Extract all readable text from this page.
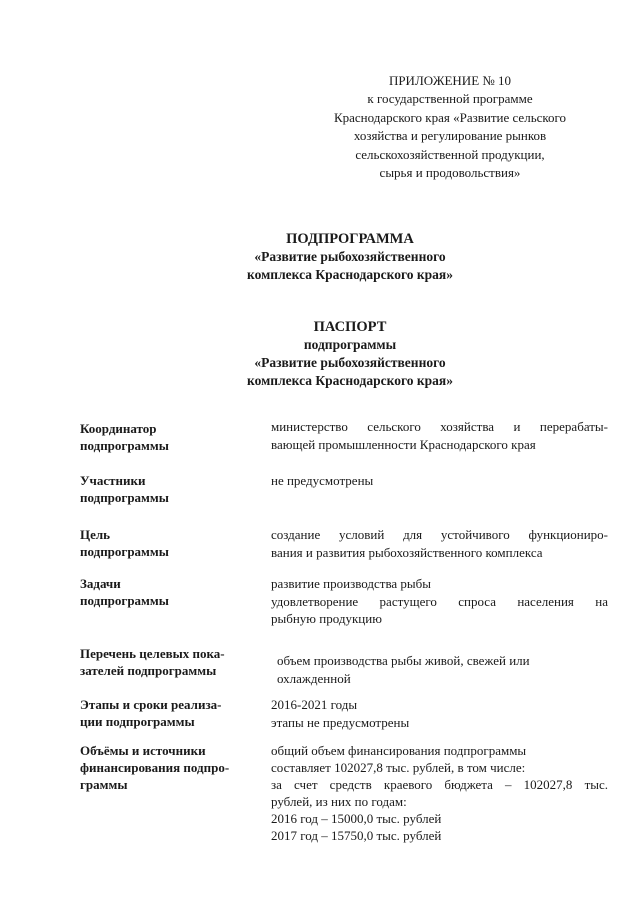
ПРИЛОЖЕНИЕ № 10
к государственной программе
Краснодарского края «Развитие сельского
хозяйства и регулирование рынков
сельскохозяйственной продукции,
сырья и продовольствия»
ПОДПРОГРАММА
«Развитие рыбохозяйственного
комплекса Краснодарского края»
ПАСПОРТ
подпрограммы
«Развитие рыбохозяйственного
комплекса Краснодарского края»
Координатор
подпрограммы
министерство сельского хозяйства и перерабаты-
вающей промышленности Краснодарского края
Участники
подпрограммы
не предусмотрены
Цель
подпрограммы
создание условий для устойчивого функциониро-
вания и развития рыбохозяйственного комплекса
Задачи
подпрограммы
развитие производства рыбы
удовлетворение растущего спроса населения на
рыбную продукцию
Перечень целевых пока-
зателей подпрограммы
объем производства рыбы живой, свежей или
охлажденной
Этапы и сроки реализа-
ции подпрограммы
2016-2021 годы
этапы не предусмотрены
Объёмы и источники
финансирования подпро-
граммы
общий объем финансирования подпрограммы
составляет 102027,8 тыс. рублей, в том числе:
за счет средств краевого бюджета – 102027,8 тыс.
рублей, из них по годам:
2016 год – 15000,0 тыс. рублей
2017 год – 15750,0 тыс. рублей
